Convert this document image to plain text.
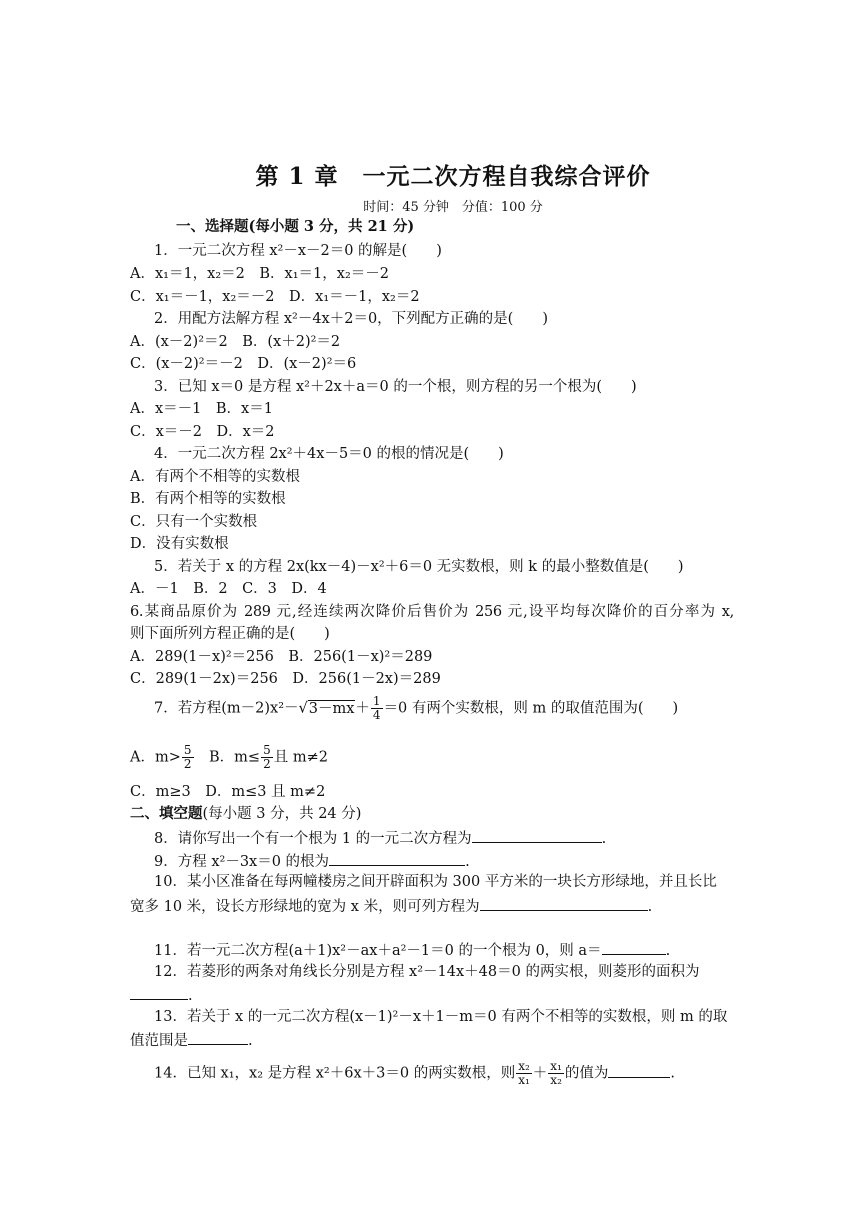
第 1 章　一元二次方程自我综合评价
时间：45 分钟　分值：100 分
一、选择题(每小题 3 分，共 21 分)
1．一元二次方程 x²－x－2＝0 的解是(　　)
A．x₁＝1，x₂＝2　B．x₁＝1，x₂＝－2
C．x₁＝－1，x₂＝－2　D．x₁＝－1，x₂＝2
2．用配方法解方程 x²－4x＋2＝0，下列配方正确的是(　　)
A．(x－2)²＝2　B．(x＋2)²＝2
C．(x－2)²＝－2　D．(x－2)²＝6
3．已知 x＝0 是方程 x²＋2x＋a＝0 的一个根，则方程的另一个根为(　　)
A．x＝－1　B．x＝1
C．x＝－2　D．x＝2
4．一元二次方程 2x²＋4x－5＝0 的根的情况是(　　)
A．有两个不相等的实数根
B．有两个相等的实数根
C．只有一个实数根
D．没有实数根
5．若关于 x 的方程 2x(kx－4)－x²＋6＝0 无实数根，则 k 的最小整数值是(　　)
A．－1　B．2　C．3　D．4
6.某商品原价为 289 元,经连续两次降价后售价为 256 元,设平均每次降价的百分率为 x,
则下面所列方程正确的是(　　)
A．289(1－x)²＝256　B．256(1－x)²＝289
C．289(1－2x)＝256　D．256(1－2x)＝289
7．若方程$(m-2)x^2-√3-mx+ \frac{1}{4} =0$ 有两个实数根，则 m 的取值范围为(　　)
A．$m> \frac{5}{2}$ 　B．$m\le \frac{5}{2}$ 且 m≠2
C．m≥3　D．m≤3 且 m≠2
二、填空题(每小题 3 分，共 24 分)
8．请你写出一个有一个根为 1 的一元二次方程为	.
9．方程 x²－3x＝0 的根为	.
10．某小区准备在每两幢楼房之间开辟面积为 300 平方米的一块长方形绿地，并且长比
宽多 10 米，设长方形绿地的宽为 x 米，则可列方程为	.
11．若一元二次方程(a＋1)x²－ax＋a²－1＝0 的一个根为 0，则 a＝	.
12．若菱形的两条对角线长分别是方程 x²－14x＋48＝0 的两实根，则菱形的面积为
.
13．若关于 x 的一元二次方程(x－1)²－x＋1－m＝0 有两个不相等的实数根，则 m 的取
值范围是	.
14．已知 x₁，x₂ 是方程 x²＋6x＋3＝0 的两实数根，则 $\frac{\text{x₂}}{\text{x₁}} + \frac{\text{x₁}}{\text{x₂}}$ 的值为	.
